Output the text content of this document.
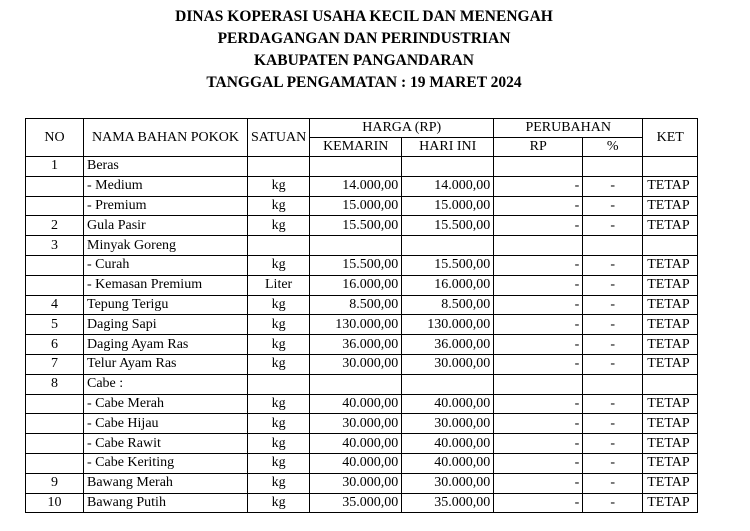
DINAS KOPERASI USAHA KECIL DAN MENENGAH
PERDAGANGAN DAN PERINDUSTRIAN
KABUPATEN PANGANDARAN
TANGGAL PENGAMATAN : 19 MARET 2024
NO	NAMA BAHAN POKOK	SATUAN	HARGA (RP)		PERUBAHAN		KET
			KEMARIN	HARI INI	RP	%	
1	Beras						
	- Medium	kg	14.000,00	14.000,00	-	-	TETAP
	- Premium	kg	15.000,00	15.000,00	-	-	TETAP
2	Gula Pasir	kg	15.500,00	15.500,00	-	-	TETAP
3	Minyak Goreng						
	- Curah	kg	15.500,00	15.500,00	-	-	TETAP
	- Kemasan Premium	Liter	16.000,00	16.000,00	-	-	TETAP
4	Tepung Terigu	kg	8.500,00	8.500,00	-	-	TETAP
5	Daging Sapi	kg	130.000,00	130.000,00	-	-	TETAP
6	Daging Ayam Ras	kg	36.000,00	36.000,00	-	-	TETAP
7	Telur Ayam Ras	kg	30.000,00	30.000,00	-	-	TETAP
8	Cabe :						
	- Cabe Merah	kg	40.000,00	40.000,00	-	-	TETAP
	- Cabe Hijau	kg	30.000,00	30.000,00	-	-	TETAP
	- Cabe Rawit	kg	40.000,00	40.000,00	-	-	TETAP
	- Cabe Keriting	kg	40.000,00	40.000,00	-	-	TETAP
9	Bawang Merah	kg	30.000,00	30.000,00	-	-	TETAP
10	Bawang Putih	kg	35.000,00	35.000,00	-	-	TETAP
